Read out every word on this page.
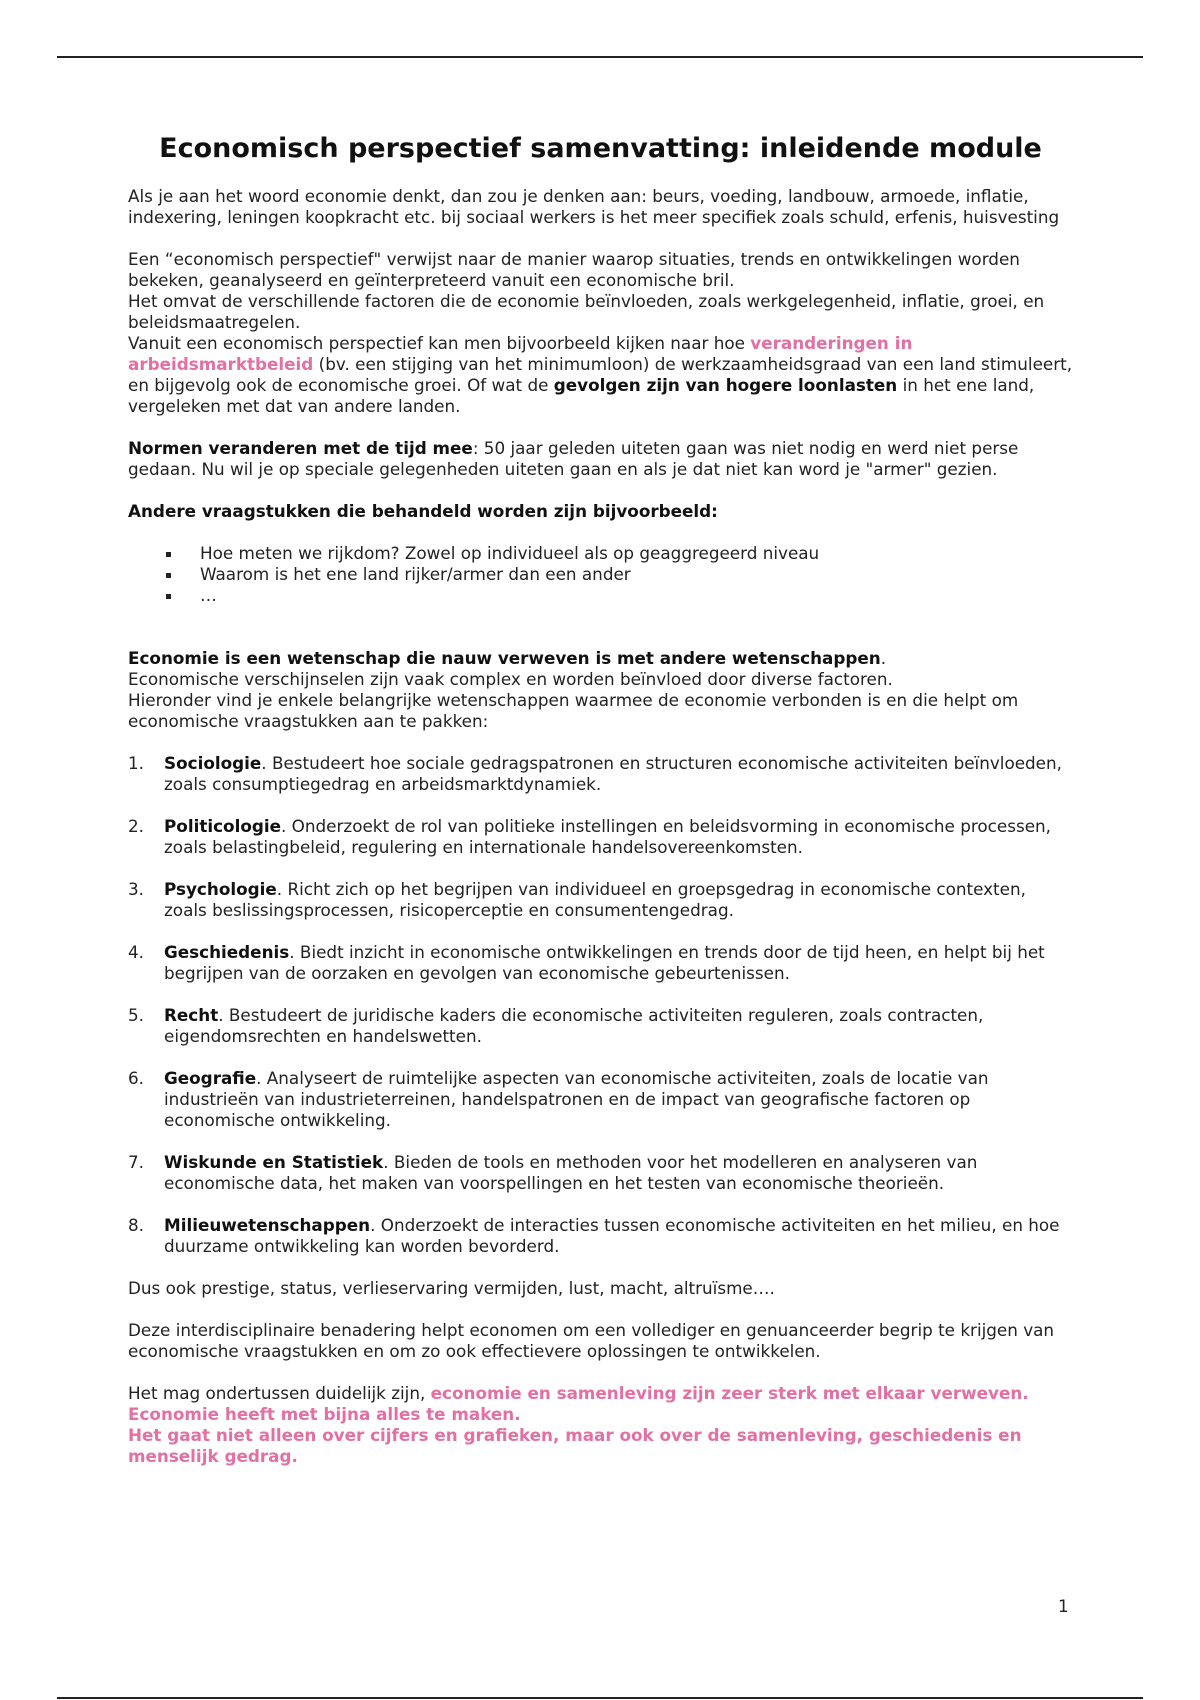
Economisch perspectief samenvatting: inleidende module

Als je aan het woord economie denkt, dan zou je denken aan: beurs, voeding, landbouw, armoede, inflatie, indexering, leningen koopkracht etc. bij sociaal werkers is het meer specifiek zoals schuld, erfenis, huisvesting

Een “economisch perspectief" verwijst naar de manier waarop situaties, trends en ontwikkelingen worden bekeken, geanalyseerd en geïnterpreteerd vanuit een economische bril.
Het omvat de verschillende factoren die de economie beïnvloeden, zoals werkgelegenheid, inflatie, groei, en beleidsmaatregelen.
Vanuit een economisch perspectief kan men bijvoorbeeld kijken naar hoe veranderingen in arbeidsmarktbeleid (bv. een stijging van het minimumloon) de werkzaamheidsgraad van een land stimuleert, en bijgevolg ook de economische groei. Of wat de gevolgen zijn van hogere loonlasten in het ene land, vergeleken met dat van andere landen.

Normen veranderen met de tijd mee: 50 jaar geleden uiteten gaan was niet nodig en werd niet perse gedaan. Nu wil je op speciale gelegenheden uiteten gaan en als je dat niet kan word je "armer" gezien.

Andere vraagstukken die behandeld worden zijn bijvoorbeeld:

Hoe meten we rijkdom? Zowel op individueel als op geaggregeerd niveau
Waarom is het ene land rijker/armer dan een ander
…

Economie is een wetenschap die nauw verweven is met andere wetenschappen.
Economische verschijnselen zijn vaak complex en worden beïnvloed door diverse factoren.
Hieronder vind je enkele belangrijke wetenschappen waarmee de economie verbonden is en die helpt om economische vraagstukken aan te pakken:

1. Sociologie. Bestudeert hoe sociale gedragspatronen en structuren economische activiteiten beïnvloeden, zoals consumptiegedrag en arbeidsmarktdynamiek.
2. Politicologie. Onderzoekt de rol van politieke instellingen en beleidsvorming in economische processen, zoals belastingbeleid, regulering en internationale handelsovereenkomsten.
3. Psychologie. Richt zich op het begrijpen van individueel en groepsgedrag in economische contexten, zoals beslissingsprocessen, risicoperceptie en consumentengedrag.
4. Geschiedenis. Biedt inzicht in economische ontwikkelingen en trends door de tijd heen, en helpt bij het begrijpen van de oorzaken en gevolgen van economische gebeurtenissen.
5. Recht. Bestudeert de juridische kaders die economische activiteiten reguleren, zoals contracten, eigendomsrechten en handelswetten.
6. Geografie. Analyseert de ruimtelijke aspecten van economische activiteiten, zoals de locatie van industrieën van industrieterreinen, handelspatronen en de impact van geografische factoren op economische ontwikkeling.
7. Wiskunde en Statistiek. Bieden de tools en methoden voor het modelleren en analyseren van economische data, het maken van voorspellingen en het testen van economische theorieën.
8. Milieuwetenschappen. Onderzoekt de interacties tussen economische activiteiten en het milieu, en hoe duurzame ontwikkeling kan worden bevorderd.

Dus ook prestige, status, verlieservaring vermijden, lust, macht, altruïsme….

Deze interdisciplinaire benadering helpt economen om een vollediger en genuanceerder begrip te krijgen van economische vraagstukken en om zo ook effectievere oplossingen te ontwikkelen.

Het mag ondertussen duidelijk zijn, economie en samenleving zijn zeer sterk met elkaar verweven. Economie heeft met bijna alles te maken.
Het gaat niet alleen over cijfers en grafieken, maar ook over de samenleving, geschiedenis en menselijk gedrag.

1
